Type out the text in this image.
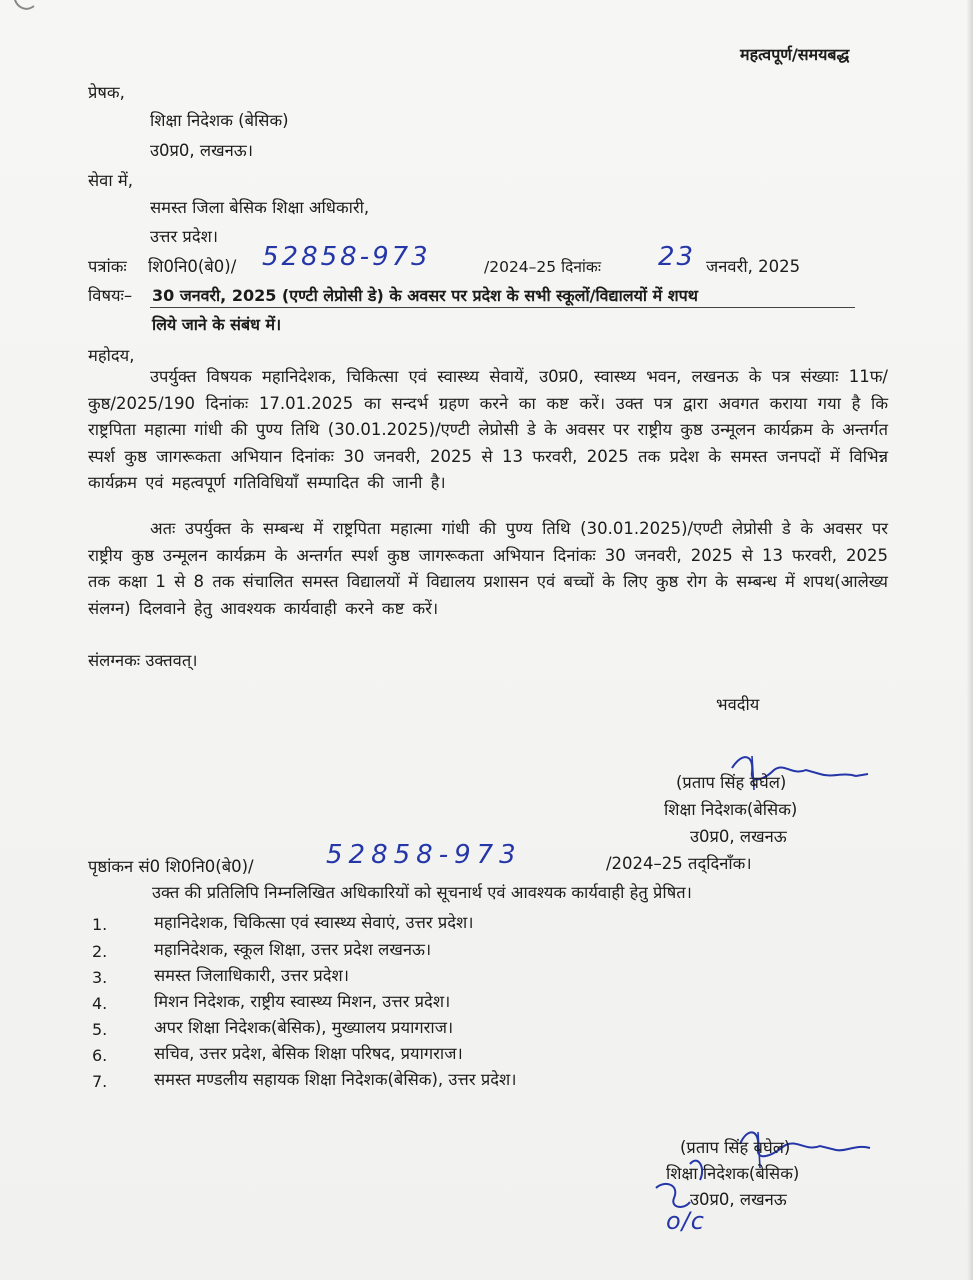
महत्वपूर्ण/समयबद्ध
प्रेषक,
शिक्षा निदेशक (बेसिक)
उ0प्र0, लखनऊ।
सेवा में,
समस्त जिला बेसिक शिक्षा अधिकारी,
उत्तर प्रदेश।
पत्रांकः शि0नि0(बे0)/ 52858-973	/2024–25 दिनांकः 23 जनवरी, 2025
विषयः– 30 जनवरी, 2025 (एण्टी लेप्रोसी डे) के अवसर पर प्रदेश के सभी स्कूलों/विद्यालयों में शपथ
लिये जाने के संबंध में।
महोदय,
उपर्युक्त विषयक महानिदेशक, चिकित्सा एवं स्वास्थ्य सेवायें, उ0प्र0, स्वास्थ्य भवन, लखनऊ के पत्र संख्याः 11फ/कुष्ठ/2025/190 दिनांकः 17.01.2025 का सन्दर्भ ग्रहण करने का कष्ट करें। उक्त पत्र द्वारा अवगत कराया गया है कि राष्ट्रपिता महात्मा गांधी की पुण्य तिथि (30.01.2025)/एण्टी लेप्रोसी डे के अवसर पर राष्ट्रीय कुष्ठ उन्मूलन कार्यक्रम के अन्तर्गत स्पर्श कुष्ठ जागरूकता अभियान दिनांकः 30 जनवरी, 2025 से 13 फरवरी, 2025 तक प्रदेश के समस्त जनपदों में विभिन्न कार्यक्रम एवं महत्वपूर्ण गतिविधियाँ सम्पादित की जानी है।
अतः उपर्युक्त के सम्बन्ध में राष्ट्रपिता महात्मा गांधी की पुण्य तिथि (30.01.2025)/एण्टी लेप्रोसी डे के अवसर पर राष्ट्रीय कुष्ठ उन्मूलन कार्यक्रम के अन्तर्गत स्पर्श कुष्ठ जागरूकता अभियान दिनांकः 30 जनवरी, 2025 से 13 फरवरी, 2025 तक कक्षा 1 से 8 तक संचालित समस्त विद्यालयों में विद्यालय प्रशासन एवं बच्चों के लिए कुष्ठ रोग के सम्बन्ध में शपथ(आलेख्य संलग्न) दिलवाने हेतु आवश्यक कार्यवाही करने कष्ट करें।
संलग्नकः उक्तवत्।
भवदीय
(प्रताप सिंह बघेल)
शिक्षा निदेशक(बेसिक)
उ0प्र0, लखनऊ
पृष्ठांकन सं0 शि0नि0(बे0)/	52858-973	/2024–25 तद्‌दिनाँक।
उक्त की प्रतिलिपि निम्नलिखित अधिकारियों को सूचनार्थ एवं आवश्यक कार्यवाही हेतु प्रेषित।
1.	महानिदेशक, चिकित्सा एवं स्वास्थ्य सेवाएं, उत्तर प्रदेश।
2.	महानिदेशक, स्कूल शिक्षा, उत्तर प्रदेश लखनऊ।
3.	समस्त जिलाधिकारी, उत्तर प्रदेश।
4.	मिशन निदेशक, राष्ट्रीय स्वास्थ्य मिशन, उत्तर प्रदेश।
5.	अपर शिक्षा निदेशक(बेसिक), मुख्यालय प्रयागराज।
6.	सचिव, उत्तर प्रदेश, बेसिक शिक्षा परिषद, प्रयागराज।
7.	समस्त मण्डलीय सहायक शिक्षा निदेशक(बेसिक), उत्तर प्रदेश।
(प्रताप सिंह बघेल)
शिक्षा निदेशक(बेसिक)
उ0प्र0, लखनऊ
o/c
